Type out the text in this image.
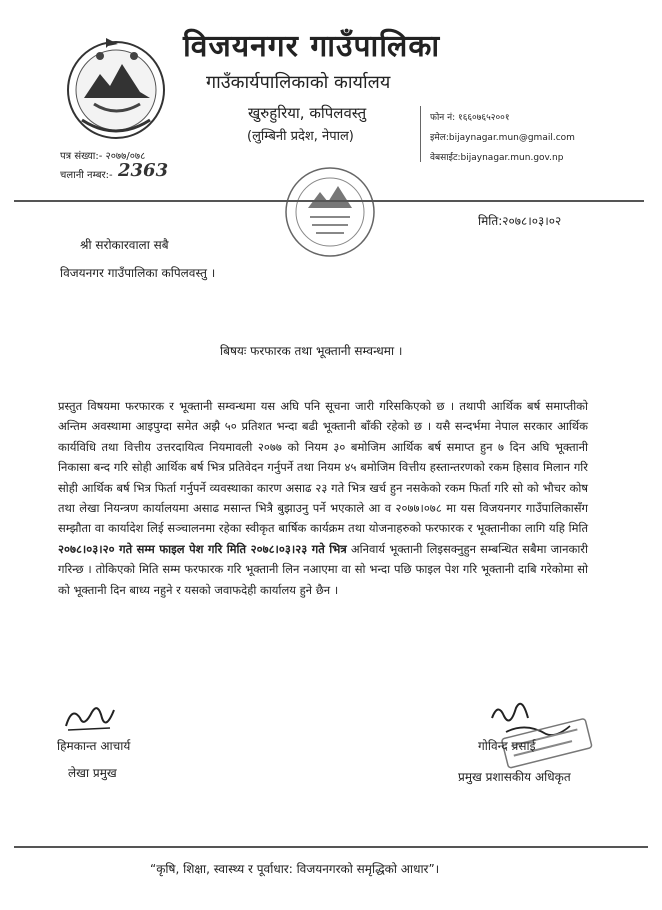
विजयनगर गाउँपालिका
गाउँकार्यपालिकाको कार्यालय
खुरुहुरिया, कपिलवस्तु
(लुम्बिनी प्रदेश, नेपाल)
फोन नं: १६६०७६५२००१
इमेल:bijaynagar.mun@gmail.com
वेबसाईट:bijaynagar.mun.gov.np
पत्र संख्या:- २०७७/०७८
चलानी नम्बर:- 2363
मिति:२०७८।०३।०२
श्री सरोकारवाला सबै
विजयनगर गाउँपालिका कपिलवस्तु ।
बिषयः फरफारक तथा भूक्तानी सम्वन्धमा ।
प्रस्तुत विषयमा फरफारक र भूक्तानी सम्वन्धमा यस अघि पनि सूचना जारी गरिसकिएको छ । तथापी आर्थिक बर्ष समाप्तीको अन्तिम अवस्थामा आइपुग्दा समेत अझै ५० प्रतिशत भन्दा बढी भूक्तानी बाँकी रहेको छ । यसै सन्दर्भमा नेपाल सरकार आर्थिक कार्यविधि तथा वित्तीय उत्तरदायित्व नियमावली २०७७ को नियम ३० बमोजिम आर्थिक बर्ष समाप्त हुन ७ दिन अघि भूक्तानी निकासा बन्द गरि सोही आर्थिक बर्ष भित्र प्रतिवेदन गर्नुपर्ने तथा नियम ४५ बमोजिम वित्तीय हस्तान्तरणको रकम हिसाव मिलान गरि सोही आर्थिक बर्ष भित्र फिर्ता गर्नुपर्ने व्यवस्थाका कारण असाढ २३ गते भित्र खर्च हुन नसकेको रकम फिर्ता गरि सो को भौचर कोष तथा लेखा नियन्त्रण कार्यालयमा असाढ मसान्त भित्रै बुझाउनु पर्ने भएकाले आ व २०७७।०७८ मा यस विजयनगर गाउँपालिकासँग सम्झौता वा कार्यादेश लिई सञ्चालनमा रहेका स्वीकृत बार्षिक कार्यक्रम तथा योजनाहरुको फरफारक र भूक्तानीका लागि यहि मिति २०७८।०३।२० गते सम्म फाइल पेश गरि मिति २०७८।०३।२३ गते भित्र अनिवार्य भूक्तानी लिइसक्नुहुन सम्बन्धित सबैमा जानकारी गरिन्छ । तोकिएको मिति सम्म फरफारक गरि भूक्तानी लिन नआएमा वा सो भन्दा पछि फाइल पेश गरि भूक्तानी दाबि गरेकोमा सो को भूक्तानी दिन बाध्य नहुने र यसको जवाफदेही कार्यालय हुने छैन ।
हिमकान्त आचार्य
लेखा प्रमुख
गोविन्द प्रसाई
प्रमुख प्रशासकीय अधिकृत
“कृषि, शिक्षा, स्वास्थ्य र पूर्वाधार: विजयनगरको समृद्धिको आधार”।
